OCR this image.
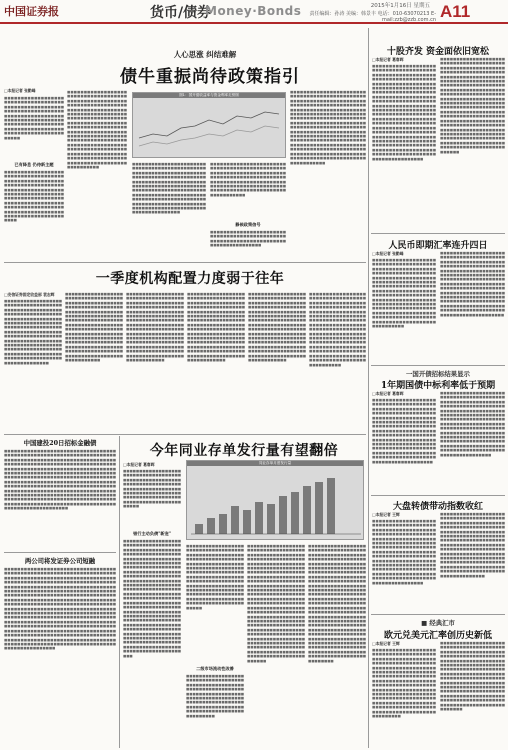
中国证券报	货币/债券
Money·Bonds	2015年1月16日 星期五
责任编辑：孙涛 美编：韩景丰 电话：010-63070213 E-mail:zzb@zzb.com.cn A11
人心思涨 纠结难解
债牛重振尚待政策指引
□本报记者 张勤峰
■■■■■■■■■■■■■■■■■■■■■■■■■■■■■■■■■■■■■■■■■■■■■■■■■■■■■■■■■■■■■■■■■■■■■■■■■■■■■■■■■■■■■■■■■■■■■■■■■■■■■■■■■■■■■■■■■■■■■■■■■■■■■■■■■■■■■■■■■■■■■■■■■■■■■■■■■■■■■■■■■■■■■■■
已有降息 仍待新主题
■■■■■■■■■■■■■■■■■■■■■■■■■■■■■■■■■■■■■■■■■■■■■■■■■■■■■■■■■■■■■■■■■■■■■■■■■■■■■■■■■■■■■■■■■■■■■■■■■■■■■■■■■■■■■■■■■■■■■■■■■■■■■■■■■■■■■■■■■■■■■■■■■■■■■■■■■■■■■■■■■■■■■■■■■■■■■■■■■■■■■■■■■■■■■■■■■■■■■■■■■■
■■■■■■■■■■■■■■■■■■■■■■■■■■■■■■■■■■■■■■■■■■■■■■■■■■■■■■■■■■■■■■■■■■■■■■■■■■■■■■■■■■■■■■■■■■■■■■■■■■■■■■■■■■■■■■■■■■■■■■■■■■■■■■■■■■■■■■■■■■■■■■■■■■■■■■■■■■■■■■■■■■■■■■■■■■■■■■■■■■■■■■■■■■■■■■■■■■■■■■■■■■■■■■■■■■■■■■■■■■■■■■■■■■■■■■■■■■■■■■■■■■■■■■■■■■■■■■■■■■■■■■■■■■■■■■■■■■■■■■■■■■■■■■■■■■■■■■■■■■■■■■■■■■■■■■■■■■■■
图1：国开债收益率与资金利率走势图
■■■■■■■■■■■■■■■■■■■■■■■■■■■■■■■■■■■■■■■■■■■■■■■■■■■■■■■■■■■■■■■■■■■■■■■■■■■■■■■■■■■■■■■■■■■■■■■■■■■■■■■■■■■■■■■■■■■■■■■■■■■■■■■■■■■■■■■■■■■■■■■■■■■■■■■■■■■■■■■■■■■■■■■■■■■■■■■■■■■■■■■■■■■■■■■■■■■■■■■■■■■■■■■■■■■■■■■■■■■■■■■■■■■■■■■■■■■■■■■■■■■■■■■■■■■■■■■■■■■■■■■■■■■■
■■■■■■■■■■■■■■■■■■■■■■■■■■■■■■■■■■■■■■■■■■■■■■■■■■■■■■■■■■■■■■■■■■■■■■■■■■■■■■■■■■■■■■■■■■■■■■■■■■■■■■■■■■■■■■■■■■■■■■■■■■■■■■■■■■■■■■■■■■■■■■■■■■■■■■■■■■■■■■■■■■■■■■■■■■■■
静候政策信号
■■■■■■■■■■■■■■■■■■■■■■■■■■■■■■■■■■■■■■■■■■■■■■■■■■■■■■■■■■■■■■■■■■■■■■■■■■■■■■■■■■■■■
■■■■■■■■■■■■■■■■■■■■■■■■■■■■■■■■■■■■■■■■■■■■■■■■■■■■■■■■■■■■■■■■■■■■■■■■■■■■■■■■■■■■■■■■■■■■■■■■■■■■■■■■■■■■■■■■■■■■■■■■■■■■■■■■■■■■■■■■■■■■■■■■■■■■■■■■■■■■■■■■■■■■■■■■■■■■■■■■■■■■■■■■■■■■■■■■■■■■■■■■■■■■■■■■■■■■■■■■■■■■■■■■■■■■■■■■■■■■■■■■■■■■■■■■■■■■■■■■■■■■■■■■■■■■■■■■■■■■■■■■■■■■■■■■■■■■■■■■■■■■■■■■■■■■■■■■■■■■■■■■■■■■■■■■■■■■■■■■■■■■■■■■■■■■■■■■■■■■■■■■■■■■■■■■■■■■■■■■■■■
一季度机构配置力度弱于往年
□安信证券固定收益部 袁志辉
■■■■■■■■■■■■■■■■■■■■■■■■■■■■■■■■■■■■■■■■■■■■■■■■■■■■■■■■■■■■■■■■■■■■■■■■■■■■■■■■■■■■■■■■■■■■■■■■■■■■■■■■■■■■■■■■■■■■■■■■■■■■■■■■■■■■■■■■■■■■■■■■■■■■■■■■■■■■■■■■■■■■■■■■■■■■■■■■■■■■■■■■■■■■■■■■■■■■■■■■■■■■■■■■■■■■■■■■■■■■■■■■■■■■■■■■■■■■■■■■■■■■■■■■■■■■■■■■■■■■■■■■■■
■■■■■■■■■■■■■■■■■■■■■■■■■■■■■■■■■■■■■■■■■■■■■■■■■■■■■■■■■■■■■■■■■■■■■■■■■■■■■■■■■■■■■■■■■■■■■■■■■■■■■■■■■■■■■■■■■■■■■■■■■■■■■■■■■■■■■■■■■■■■■■■■■■■■■■■■■■■■■■■■■■■■■■■■■■■■■■■■■■■■■■■■■■■■■■■■■■■■■■■■■■■■■■■■■■■■■■■■■■■■■■■■■■■■■■■■■■■■■■■■■■■■■■■■■■■■■■■■■■■■■■■■■■■■■■■■■■■■■■■■■
■■■■■■■■■■■■■■■■■■■■■■■■■■■■■■■■■■■■■■■■■■■■■■■■■■■■■■■■■■■■■■■■■■■■■■■■■■■■■■■■■■■■■■■■■■■■■■■■■■■■■■■■■■■■■■■■■■■■■■■■■■■■■■■■■■■■■■■■■■■■■■■■■■■■■■■■■■■■■■■■■■■■■■■■■■■■■■■■■■■■■■■■■■■■■■■■■■■■■■■■■■■■■■■■■■■■■■■■■■■■■■■■■■■■■■■■■■■■■■■■■■■■■■■■■■■■■■■■■■■■■■■■■■■■■■■■■■■■■■■■■■
■■■■■■■■■■■■■■■■■■■■■■■■■■■■■■■■■■■■■■■■■■■■■■■■■■■■■■■■■■■■■■■■■■■■■■■■■■■■■■■■■■■■■■■■■■■■■■■■■■■■■■■■■■■■■■■■■■■■■■■■■■■■■■■■■■■■■■■■■■■■■■■■■■■■■■■■■■■■■■■■■■■■■■■■■■■■■■■■■■■■■■■■■■■■■■■■■■■■■■■■■■■■■■■■■■■■■■■■■■■■■■■■■■■■■■■■■■■■■■■■■■■■■■■■■■■■■■■■■■■■■■■■■■■■■■■■■■■■■■■■■■
■■■■■■■■■■■■■■■■■■■■■■■■■■■■■■■■■■■■■■■■■■■■■■■■■■■■■■■■■■■■■■■■■■■■■■■■■■■■■■■■■■■■■■■■■■■■■■■■■■■■■■■■■■■■■■■■■■■■■■■■■■■■■■■■■■■■■■■■■■■■■■■■■■■■■■■■■■■■■■■■■■■■■■■■■■■■■■■■■■■■■■■■■■■■■■■■■■■■■■■■■■■■■■■■■■■■■■■■■■■■■■■■■■■■■■■■■■■■■■■■■■■■■■■■■■■■■■■■■■■■■■■■■■■■■■■■■■■■■■■■■■
■■■■■■■■■■■■■■■■■■■■■■■■■■■■■■■■■■■■■■■■■■■■■■■■■■■■■■■■■■■■■■■■■■■■■■■■■■■■■■■■■■■■■■■■■■■■■■■■■■■■■■■■■■■■■■■■■■■■■■■■■■■■■■■■■■■■■■■■■■■■■■■■■■■■■■■■■■■■■■■■■■■■■■■■■■■■■■■■■■■■■■■■■■■■■■■■■■■■■■■■■■■■■■■■■■■■■■■■■■■■■■■■■■■■■■■■■■■■■■■■■■■■■■■■■■■■■■■■■■■■■■■■■■■■■■■■■■■■■■■■■■
中国建投20日招标金融债
■■■■■■■■■■■■■■■■■■■■■■■■■■■■■■■■■■■■■■■■■■■■■■■■■■■■■■■■■■■■■■■■■■■■■■■■■■■■■■■■■■■■■■■■■■■■■■■■■■■■■■■■■■■■■■■■■■■■■■■■■■■■■■■■■■■■■■■■■■■■■■■■■■■■■■■■■■■■■■■■■■■■■■■■■■■■■■■■■■■■■■■■■■■■■■■■■■■■■■■■■■■■■■■■■■■■■■■■■■■■■■■■■■■■■■■■■■■■■■■■■■■■■■■■■■■■■■■■■■■■■■■■■■■■■■■■■■■■■■■■■■■■■■■■■■■■■■■■■■■■■■■■■■■■■■■■■■■■■■■■■■■■■■■■■■■■■■■■■■■■■■■■■■■■■■■■■■■■■■■■■■■■■■■■■■■■■■■■■■■■■■■■■■■■■■■■■■■■■■■■■■■■■■■■■■■■■■■■■■■■■■■■■■■■■■■■■■■■■■■■■■■■■■■■■■■■■■■■■■■■■■
两公司将发证券公司短融
■■■■■■■■■■■■■■■■■■■■■■■■■■■■■■■■■■■■■■■■■■■■■■■■■■■■■■■■■■■■■■■■■■■■■■■■■■■■■■■■■■■■■■■■■■■■■■■■■■■■■■■■■■■■■■■■■■■■■■■■■■■■■■■■■■■■■■■■■■■■■■■■■■■■■■■■■■■■■■■■■■■■■■■■■■■■■■■■■■■■■■■■■■■■■■■■■■■■■■■■■■■■■■■■■■■■■■■■■■■■■■■■■■■■■■■■■■■■■■■■■■■■■■■■■■■■■■■■■■■■■■■■■■■■■■■■■■■■■■■■■■■■■■■■■■■■■■■■■■■■■■■■■■■■■■■■■■■■■■■■■■■■■■■■■■■■■■■■■■■■■■■■■■■■■■■■■■■■■■■■■■■■■■■■■■■■■■■■■■■■■■■■■■■■■■■■■■■■■■■■■■■■■■■■■■■■■■■■■■■■■■■■■■■■■■■■■■■■■■■■■■■■■■■■■■■■■■■■■■■■■■■■■■■■■■■■■■■■■■■■■■■■■■■■■■■■■■■■■■■■■■■■■■■■■■■■■■■■■■■■■■■■■■■■■■■■■■■■■■■■■■■■■■■■■■■■■■■■■■■■■■■■■■■■■■■■■■■■■■■■■■■■■■■■■■■■■■■■■■■■■■■■■■■■■■■■■■■■■■■■■■■■■■■■
今年同业存单发行量有望翻倍
□本报记者 葛春晖
■■■■■■■■■■■■■■■■■■■■■■■■■■■■■■■■■■■■■■■■■■■■■■■■■■■■■■■■■■■■■■■■■■■■■■■■■■■■■■■■■■■■■■■■■■■■■■■■■■■■■■■■■■■■■■■■■■■■■■■■■■■■■■■■■■■■■■■■■■■■■■■■■■■■■
银行主动负债"新宠"
■■■■■■■■■■■■■■■■■■■■■■■■■■■■■■■■■■■■■■■■■■■■■■■■■■■■■■■■■■■■■■■■■■■■■■■■■■■■■■■■■■■■■■■■■■■■■■■■■■■■■■■■■■■■■■■■■■■■■■■■■■■■■■■■■■■■■■■■■■■■■■■■■■■■■■■■■■■■■■■■■■■■■■■■■■■■■■■■■■■■■■■■■■■■■■■■■■■■■■■■■■■■■■■■■■■■■■■■■■■■■■■■■■■■■■■■■■■■■■■■■■■■■■■■■■■■■■■■■■■■■■■■■■■■■■■■■■■■■■■■■■■■■■■■■■■■■■■■■■■■■■■■■■■■■■■■■■■■■■■■■■■■■■■■■■■■■■■■■■■■■■■■■■■■■■■■■■■■■■■■■■■■■■■■■■■■■■■■■■■■■■■■■■■■■■■■■■■■■■■■■■■■■■■■■■■■■■■■■■■■■■■■■■■■■■■■■■■■■■■■■■■■■■■■■■■■■■■■■■■■■■■■■■■■■■■
同业存单月度发行量
■■■■■■■■■■■■■■■■■■■■■■■■■■■■■■■■■■■■■■■■■■■■■■■■■■■■■■■■■■■■■■■■■■■■■■■■■■■■■■■■■■■■■■■■■■■■■■■■■■■■■■■■■■■■■■■■■■■■■■■■■■■■■■■■■■■■■■■■■■■■■■■■■■■■■■■■■■■■■■■■■■■■■■■■■■■■■■■■■■■■■■■■■■■■■■■■■■■■■■■■■■■■■■■■■■■■■■■■■■■■■■■■■■■■■■■■■■■■■■■■■■■■■■■■■■■■■■■■■
二级市场流动性改善
■■■■■■■■■■■■■■■■■■■■■■■■■■■■■■■■■■■■■■■■■■■■■■■■■■■■■■■■■■■■■■■■■■■■■■■■■■■■■■■■■■■■■■■■■■■■■■■■■■■■■■■■■■■■■■■■■■■■■■■■■■■■■■■■■■■■■■■■■■■■■■■■■■■■■■■■■■■■■■■■■■■■■■■■■■■
■■■■■■■■■■■■■■■■■■■■■■■■■■■■■■■■■■■■■■■■■■■■■■■■■■■■■■■■■■■■■■■■■■■■■■■■■■■■■■■■■■■■■■■■■■■■■■■■■■■■■■■■■■■■■■■■■■■■■■■■■■■■■■■■■■■■■■■■■■■■■■■■■■■■■■■■■■■■■■■■■■■■■■■■■■■■■■■■■■■■■■■■■■■■■■■■■■■■■■■■■■■■■■■■■■■■■■■■■■■■■■■■■■■■■■■■■■■■■■■■■■■■■■■■■■■■■■■■■■■■■■■■■■■■■■■■■■■■■■■■■■■■■■■■■■■■■■■■■■■■■■■■■■■■■■■■■■■■■■■■■■■■■■■■■■■■■■■■■■■■■■■■■■■■■■■■■■■■■■■■■■■■■■■■■■■■■■■■■■■■■■■■■■■■■■■■■■■■■■■■■■■■■■■■■■■■■■■■■■■■■■■■■■■■■■■■■■■■■■■■■■■■■■■■■■■■■■■■■■■■■■■■■■■■■■■■■■
■■■■■■■■■■■■■■■■■■■■■■■■■■■■■■■■■■■■■■■■■■■■■■■■■■■■■■■■■■■■■■■■■■■■■■■■■■■■■■■■■■■■■■■■■■■■■■■■■■■■■■■■■■■■■■■■■■■■■■■■■■■■■■■■■■■■■■■■■■■■■■■■■■■■■■■■■■■■■■■■■■■■■■■■■■■■■■■■■■■■■■■■■■■■■■■■■■■■■■■■■■■■■■■■■■■■■■■■■■■■■■■■■■■■■■■■■■■■■■■■■■■■■■■■■■■■■■■■■■■■■■■■■■■■■■■■■■■■■■■■■■■■■■■■■■■■■■■■■■■■■■■■■■■■■■■■■■■■■■■■■■■■■■■■■■■■■■■■■■■■■■■■■■■■■■■■■■■■■■■■■■■■■■■■■■■■■■■■■■■■■■■■■■■■■■■■■■■■■■■■■■■■■■■■■■■■■■■■■■■■■■■■■■■■■■■■■■■■■■■■■■■■■■■■■■■■■■■■■■■■■■■■■■■■■■■■■■■■
十股齐发 资金面依旧宽松
□本报记者 葛春晖
■■■■■■■■■■■■■■■■■■■■■■■■■■■■■■■■■■■■■■■■■■■■■■■■■■■■■■■■■■■■■■■■■■■■■■■■■■■■■■■■■■■■■■■■■■■■■■■■■■■■■■■■■■■■■■■■■■■■■■■■■■■■■■■■■■■■■■■■■■■■■■■■■■■■■■■■■■■■■■■■■■■■■■■■■■■■■■■■■■■■■■■■■■■■■■■■■■■■■■■■■■■■■■■■■■■■■■■■■■■■■■■■■■■■■■■■■■■■■■■■■■■■■■■■■■■■■■■■■■■■■■■■■■■■■■■■■■■■■■■■■■■■■■■■■■■■■■■■■■■■■■■■■■■■■■■■■■■■■■■■■■■■■■■■■■■■■■■■■■■■■■■■■■■■■■■■■■■■■■■■■■■■■■■■■■■■■■■■■■■■■■■■■■■■■■■■■■■■■■■■■■■■■■■■■■■■■■■
■■■■■■■■■■■■■■■■■■■■■■■■■■■■■■■■■■■■■■■■■■■■■■■■■■■■■■■■■■■■■■■■■■■■■■■■■■■■■■■■■■■■■■■■■■■■■■■■■■■■■■■■■■■■■■■■■■■■■■■■■■■■■■■■■■■■■■■■■■■■■■■■■■■■■■■■■■■■■■■■■■■■■■■■■■■■■■■■■■■■■■■■■■■■■■■■■■■■■■■■■■■■■■■■■■■■■■■■■■■■■■■■■■■■■■■■■■■■■■■■■■■■■■■■■■■■■■■■■■■■■■■■■■■■■■■■■■■■■■■■■■■■■■■■■■■■■■■■■■■■■■■■■■■■■■■■■■■■■■■■■■■■■■■■■■■■■■■■■■■■■■■■■■■■■■■■■■■■■■■■■■■■■■■■■■■■■■■■■■■■■■■■■■■■■■■■■■■■■■■■■■■■■■■■■■■■■■■■■■■■■■■■■■
人民币即期汇率连升四日
□本报记者 张勤峰
■■■■■■■■■■■■■■■■■■■■■■■■■■■■■■■■■■■■■■■■■■■■■■■■■■■■■■■■■■■■■■■■■■■■■■■■■■■■■■■■■■■■■■■■■■■■■■■■■■■■■■■■■■■■■■■■■■■■■■■■■■■■■■■■■■■■■■■■■■■■■■■■■■■■■■■■■■■■■■■■■■■■■■■■■■■■■■■■■■■■■■■■■■■■■■■■■■■■■■■■■■■■■■■■■■■■■■■■■■■■■■■■■■■■■■■■■■■■■■■■■■■■■■■■■■■■■■■■■■■■■■■■■■■■■■■■■■■■■■■■■■■■■■■■■■■■■■■
■■■■■■■■■■■■■■■■■■■■■■■■■■■■■■■■■■■■■■■■■■■■■■■■■■■■■■■■■■■■■■■■■■■■■■■■■■■■■■■■■■■■■■■■■■■■■■■■■■■■■■■■■■■■■■■■■■■■■■■■■■■■■■■■■■■■■■■■■■■■■■■■■■■■■■■■■■■■■■■■■■■■■■■■■■■■■■■■■■■■■■■■■■■■■■■■■■■■■■■■■■■■■■■■■■■■■■■■■■■■■■■■■■■■■■■■■■■■■■■■■■■■■■■■■■■■■■■■■■■■■■■■■■■■■■■■■■■■■■■■■■■■■■■■■■■■■■■■■■■■
一国开债招标结果显示
1年期国债中标利率低于预期
□本报记者 葛春晖
■■■■■■■■■■■■■■■■■■■■■■■■■■■■■■■■■■■■■■■■■■■■■■■■■■■■■■■■■■■■■■■■■■■■■■■■■■■■■■■■■■■■■■■■■■■■■■■■■■■■■■■■■■■■■■■■■■■■■■■■■■■■■■■■■■■■■■■■■■■■■■■■■■■■■■■■■■■■■■■■■■■■■■■■■■■■■■■■■■■■■■■■■■■■■■■■■■■■■■■■■■■■■■■■■■■■■■■■■■■■■■■■■■■■■■■■■■■■■■■■■■■■■■■■■■■■■■■■■■■■■■■■■■■■■■■■■■■■■■■■■■■■■
■■■■■■■■■■■■■■■■■■■■■■■■■■■■■■■■■■■■■■■■■■■■■■■■■■■■■■■■■■■■■■■■■■■■■■■■■■■■■■■■■■■■■■■■■■■■■■■■■■■■■■■■■■■■■■■■■■■■■■■■■■■■■■■■■■■■■■■■■■■■■■■■■■■■■■■■■■■■■■■■■■■■■■■■■■■■■■■■■■■■■■■■■■■■■■■■■■■■■■■■■■■■■■■■■■■■■■■■■■■■■■■■■■■■■■■■■■■■■■■■■■■■■■■■■■■■■■■■■■■■■■■■■■■■■■■■■■■■■■■■■■■■■■■■■■■■■■■■
大盘转债带动指数收红
□本报记者 王辉
■■■■■■■■■■■■■■■■■■■■■■■■■■■■■■■■■■■■■■■■■■■■■■■■■■■■■■■■■■■■■■■■■■■■■■■■■■■■■■■■■■■■■■■■■■■■■■■■■■■■■■■■■■■■■■■■■■■■■■■■■■■■■■■■■■■■■■■■■■■■■■■■■■■■■■■■■■■■■■■■■■■■■■■■■■■■■■■■■■■■■■■■■■■■■■■■■■■■■■■■■■■■■■■■■■■■■■■■■■■■■■■■■■■■■■■■■■■■■■■■■■■■■■■■■■■■■■■■■■■■■■■■■■■■■■■■■■■■■■■■■■
■■■■■■■■■■■■■■■■■■■■■■■■■■■■■■■■■■■■■■■■■■■■■■■■■■■■■■■■■■■■■■■■■■■■■■■■■■■■■■■■■■■■■■■■■■■■■■■■■■■■■■■■■■■■■■■■■■■■■■■■■■■■■■■■■■■■■■■■■■■■■■■■■■■■■■■■■■■■■■■■■■■■■■■■■■■■■■■■■■■■■■■■■■■■■■■■■■■■■■■■■■■■■■■■■■■■■■■■■■■■■■■■■■■■■■■■■■■■■■■■■■■■■■■■■■■■■■■■■■■■■■■■■■■■■■■■■■■■■■■■■■■■■■■■■■■■■■
■ 经典汇市
欧元兑美元汇率创历史新低
□本报记者 王辉
■■■■■■■■■■■■■■■■■■■■■■■■■■■■■■■■■■■■■■■■■■■■■■■■■■■■■■■■■■■■■■■■■■■■■■■■■■■■■■■■■■■■■■■■■■■■■■■■■■■■■■■■■■■■■■■■■■■■■■■■■■■■■■■■■■■■■■■■■■■■■■■■■■■■■■■■■■■■■■■■■■■■■■■■■■■■■■■■■■■■■■■■■■■■■■■■■■■■■■■■■■■■■■■■■■■■■■■■■■■■■■■■■■■■■■■■■■■■■■■■■■■■■■■■■■■■■■■■■■■■■■■■■■■■■■■■■■■■■■■■■■■■■■■■■■■■■■
■■■■■■■■■■■■■■■■■■■■■■■■■■■■■■■■■■■■■■■■■■■■■■■■■■■■■■■■■■■■■■■■■■■■■■■■■■■■■■■■■■■■■■■■■■■■■■■■■■■■■■■■■■■■■■■■■■■■■■■■■■■■■■■■■■■■■■■■■■■■■■■■■■■■■■■■■■■■■■■■■■■■■■■■■■■■■■■■■■■■■■■■■■■■■■■■■■■■■■■■■■■■■■■■■■■■■■■■■■■■■■■■■■■■■■■■■■■■■■■■■■■■■■■■■■■■■■■■■■■■■■■■■■■■■■■■■■■■■■■■■■■■■■■■■■■■■■■■■■■■■■■■■■■
